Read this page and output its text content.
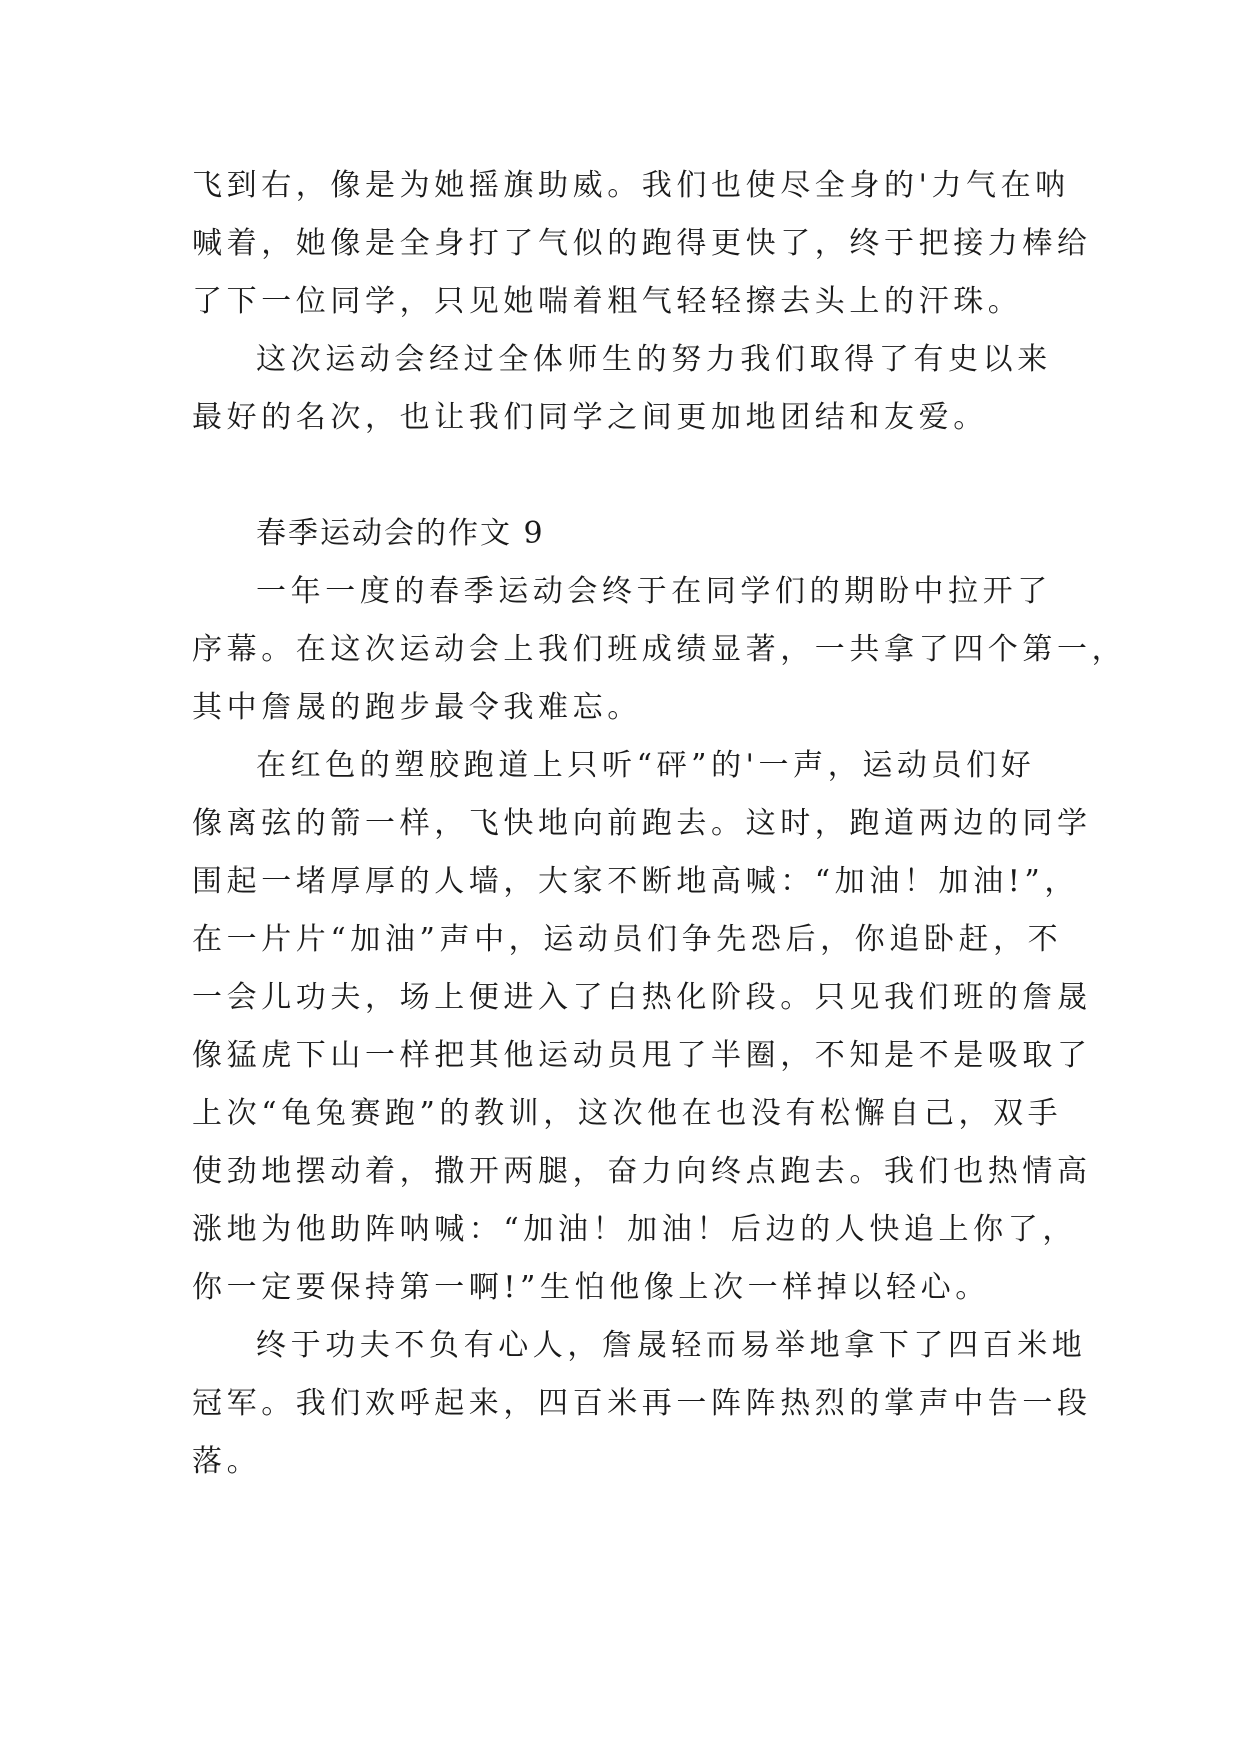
飞到右，像是为她摇旗助威。我们也使尽全身的'力气在呐

喊着，她像是全身打了气似的跑得更快了，终于把接力棒给

了下一位同学，只见她喘着粗气轻轻擦去头上的汗珠。

这次运动会经过全体师生的努力我们取得了有史以来

最好的名次，也让我们同学之间更加地团结和友爱。

春季运动会的作文 9

一年一度的春季运动会终于在同学们的期盼中拉开了

序幕。在这次运动会上我们班成绩显著，一共拿了四个第一，

其中詹晟的跑步最令我难忘。

在红色的塑胶跑道上只听“砰”的'一声，运动员们好

像离弦的箭一样，飞快地向前跑去。这时，跑道两边的同学

围起一堵厚厚的人墙，大家不断地高喊：“加油！加油!”，

在一片片“加油”声中，运动员们争先恐后，你追卧赶，不

一会儿功夫，场上便进入了白热化阶段。只见我们班的詹晟

像猛虎下山一样把其他运动员甩了半圈，不知是不是吸取了

上次“龟兔赛跑”的教训，这次他在也没有松懈自己，双手

使劲地摆动着，撒开两腿，奋力向终点跑去。我们也热情高

涨地为他助阵呐喊：“加油！加油！后边的人快追上你了，

你一定要保持第一啊!”生怕他像上次一样掉以轻心。

终于功夫不负有心人，詹晟轻而易举地拿下了四百米地

冠军。我们欢呼起来，四百米再一阵阵热烈的掌声中告一段

落。
